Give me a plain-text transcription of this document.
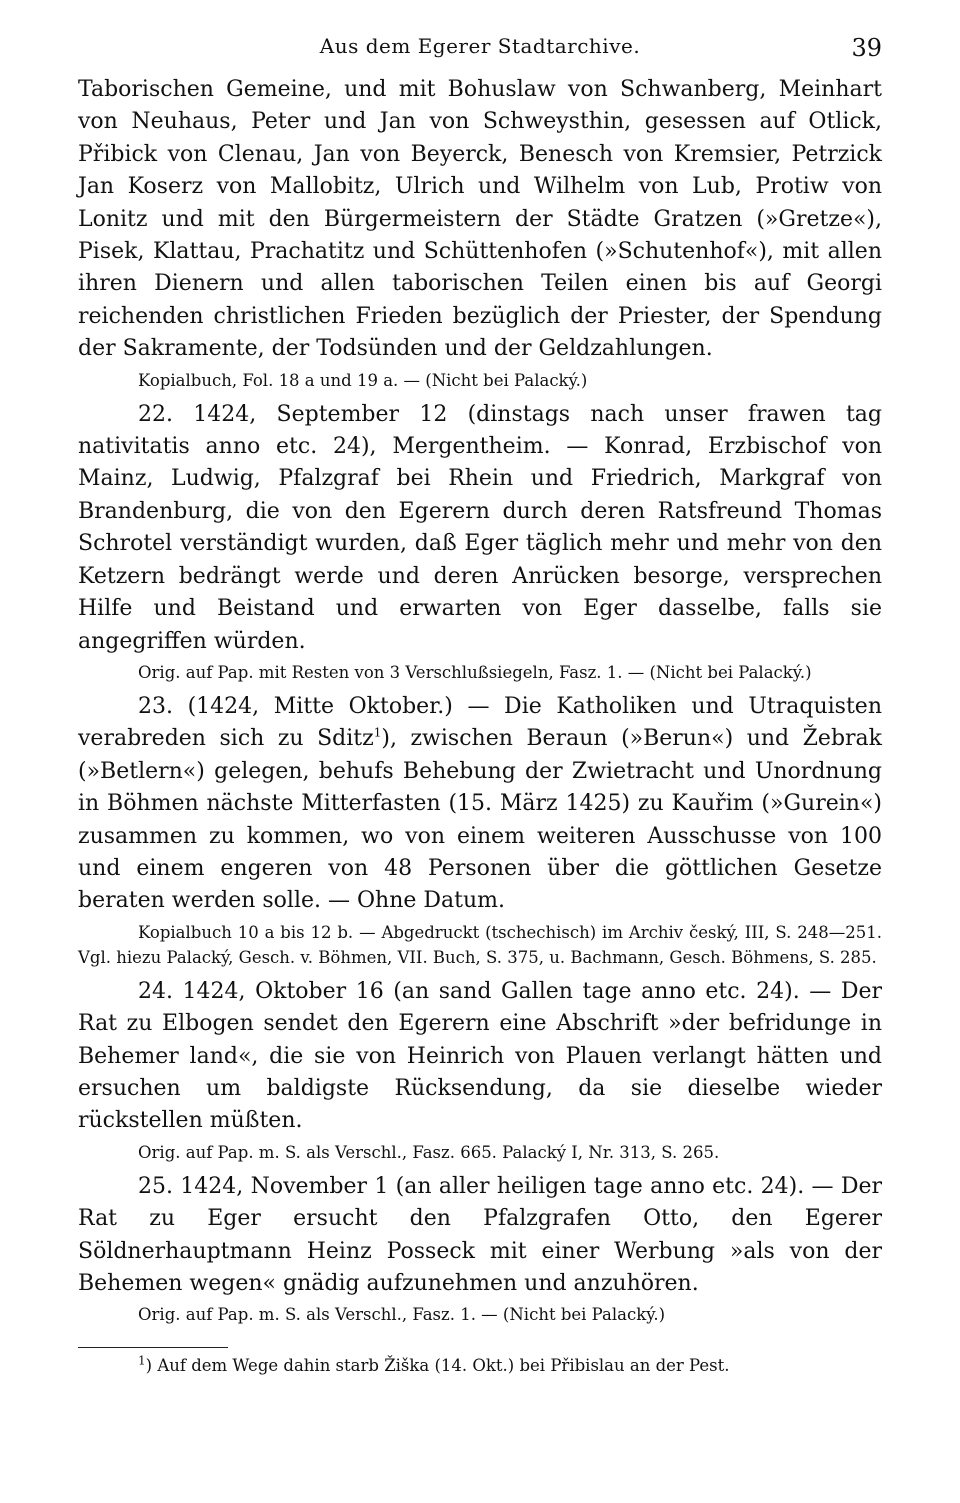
Aus dem Egerer Stadtarchive.	39

Taborischen Gemeine, und mit Bohuslaw von Schwanberg, Meinhart von Neuhaus, Peter und Jan von Schweysthin, gesessen auf Otlick, Přibick von Clenau, Jan von Beyerck, Benesch von Kremsier, Petrzick Jan Koserz von Mallobitz, Ulrich und Wilhelm von Lub, Protiw von Lonitz und mit den Bürgermeistern der Städte Gratzen (»Gretze«), Pisek, Klattau, Prachatitz und Schüttenhofen (»Schutenhof«), mit allen ihren Dienern und allen taborischen Teilen einen bis auf Georgi reichenden christlichen Frieden bezüglich der Priester, der Spendung der Sakramente, der Todsünden und der Geldzahlungen.

Kopialbuch, Fol. 18 a und 19 a. — (Nicht bei Palacký.)

22. 1424, September 12 (dinstags nach unser frawen tag nativitatis anno etc. 24), Mergentheim. — Konrad, Erzbischof von Mainz, Ludwig, Pfalzgraf bei Rhein und Friedrich, Markgraf von Brandenburg, die von den Egerern durch deren Ratsfreund Thomas Schrotel verständigt wurden, daß Eger täglich mehr und mehr von den Ketzern bedrängt werde und deren Anrücken besorge, versprechen Hilfe und Beistand und erwarten von Eger dasselbe, falls sie angegriffen würden.

Orig. auf Pap. mit Resten von 3 Verschlußsiegeln, Fasz. 1. — (Nicht bei Palacký.)

23. (1424, Mitte Oktober.) — Die Katholiken und Utraquisten verabreden sich zu Sditz$^1$), zwischen Beraun (»Berun«) und Žebrak (»Betlern«) gelegen, behufs Behebung der Zwietracht und Unordnung in Böhmen nächste Mitterfasten (15. März 1425) zu Kauřim (»Gurein«) zusammen zu kommen, wo von einem weiteren Ausschusse von 100 und einem engeren von 48 Personen über die göttlichen Gesetze beraten werden solle. — Ohne Datum.

Kopialbuch 10 a bis 12 b. — Abgedruckt (tschechisch) im Archiv český, III, S. 248—251. Vgl. hiezu Palacký, Gesch. v. Böhmen, VII. Buch, S. 375, u. Bachmann, Gesch. Böhmens, S. 285.

24. 1424, Oktober 16 (an sand Gallen tage anno etc. 24). — Der Rat zu Elbogen sendet den Egerern eine Abschrift »der befridunge in Behemer land«, die sie von Heinrich von Plauen verlangt hätten und ersuchen um baldigste Rücksendung, da sie dieselbe wieder rückstellen müßten.

Orig. auf Pap. m. S. als Verschl., Fasz. 665. Palacký I, Nr. 313, S. 265.

25. 1424, November 1 (an aller heiligen tage anno etc. 24). — Der Rat zu Eger ersucht den Pfalzgrafen Otto, den Egerer Söldnerhauptmann Heinz Posseck mit einer Werbung »als von der Behemen wegen« gnädig aufzunehmen und anzuhören.

Orig. auf Pap. m. S. als Verschl., Fasz. 1. — (Nicht bei Palacký.)

$^1$) Auf dem Wege dahin starb Žiška (14. Okt.) bei Přibislau an der Pest.
